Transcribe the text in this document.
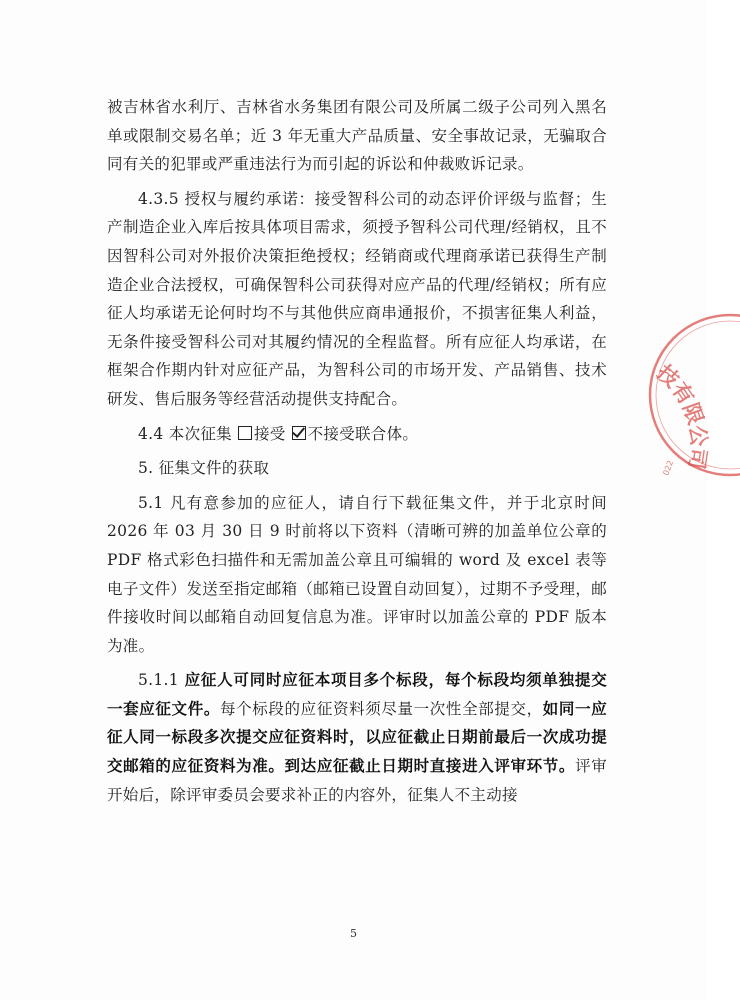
被吉林省水利厅、吉林省水务集团有限公司及所属二级子公司列入黑名单或限制交易名单；近 3 年无重大产品质量、安全事故记录，无骗取合同有关的犯罪或严重违法行为而引起的诉讼和仲裁败诉记录。

4.3.5 授权与履约承诺：接受智科公司的动态评价评级与监督；生产制造企业入库后按具体项目需求，须授予智科公司代理/经销权，且不因智科公司对外报价决策拒绝授权；经销商或代理商承诺已获得生产制造企业合法授权，可确保智科公司获得对应产品的代理/经销权；所有应征人均承诺无论何时均不与其他供应商串通报价，不损害征集人利益，无条件接受智科公司对其履约情况的全程监督。所有应征人均承诺，在框架合作期内针对应征产品，为智科公司的市场开发、产品销售、技术研发、售后服务等经营活动提供支持配合。

4.4 本次征集 接受 不接受联合体。

5. 征集文件的获取

5.1 凡有意参加的应征人，请自行下载征集文件，并于北京时间 2026 年 03 月 30 日 9 时前将以下资料（清晰可辨的加盖单位公章的 PDF 格式彩色扫描件和无需加盖公章且可编辑的 word 及 excel 表等电子文件）发送至指定邮箱（邮箱已设置自动回复），过期不予受理，邮件接收时间以邮箱自动回复信息为准。评审时以加盖公章的 PDF 版本为准。

5.1.1 应征人可同时应征本项目多个标段，每个标段均须单独提交一套应征文件。每个标段的应征资料须尽量一次性全部提交，如同一应征人同一标段多次提交应征资料时，以应征截止日期前最后一次成功提交邮箱的应征资料为准。到达应征截止日期时直接进入评审环节。评审开始后，除评审委员会要求补正的内容外，征集人不主动接

5
技有限公司
022
